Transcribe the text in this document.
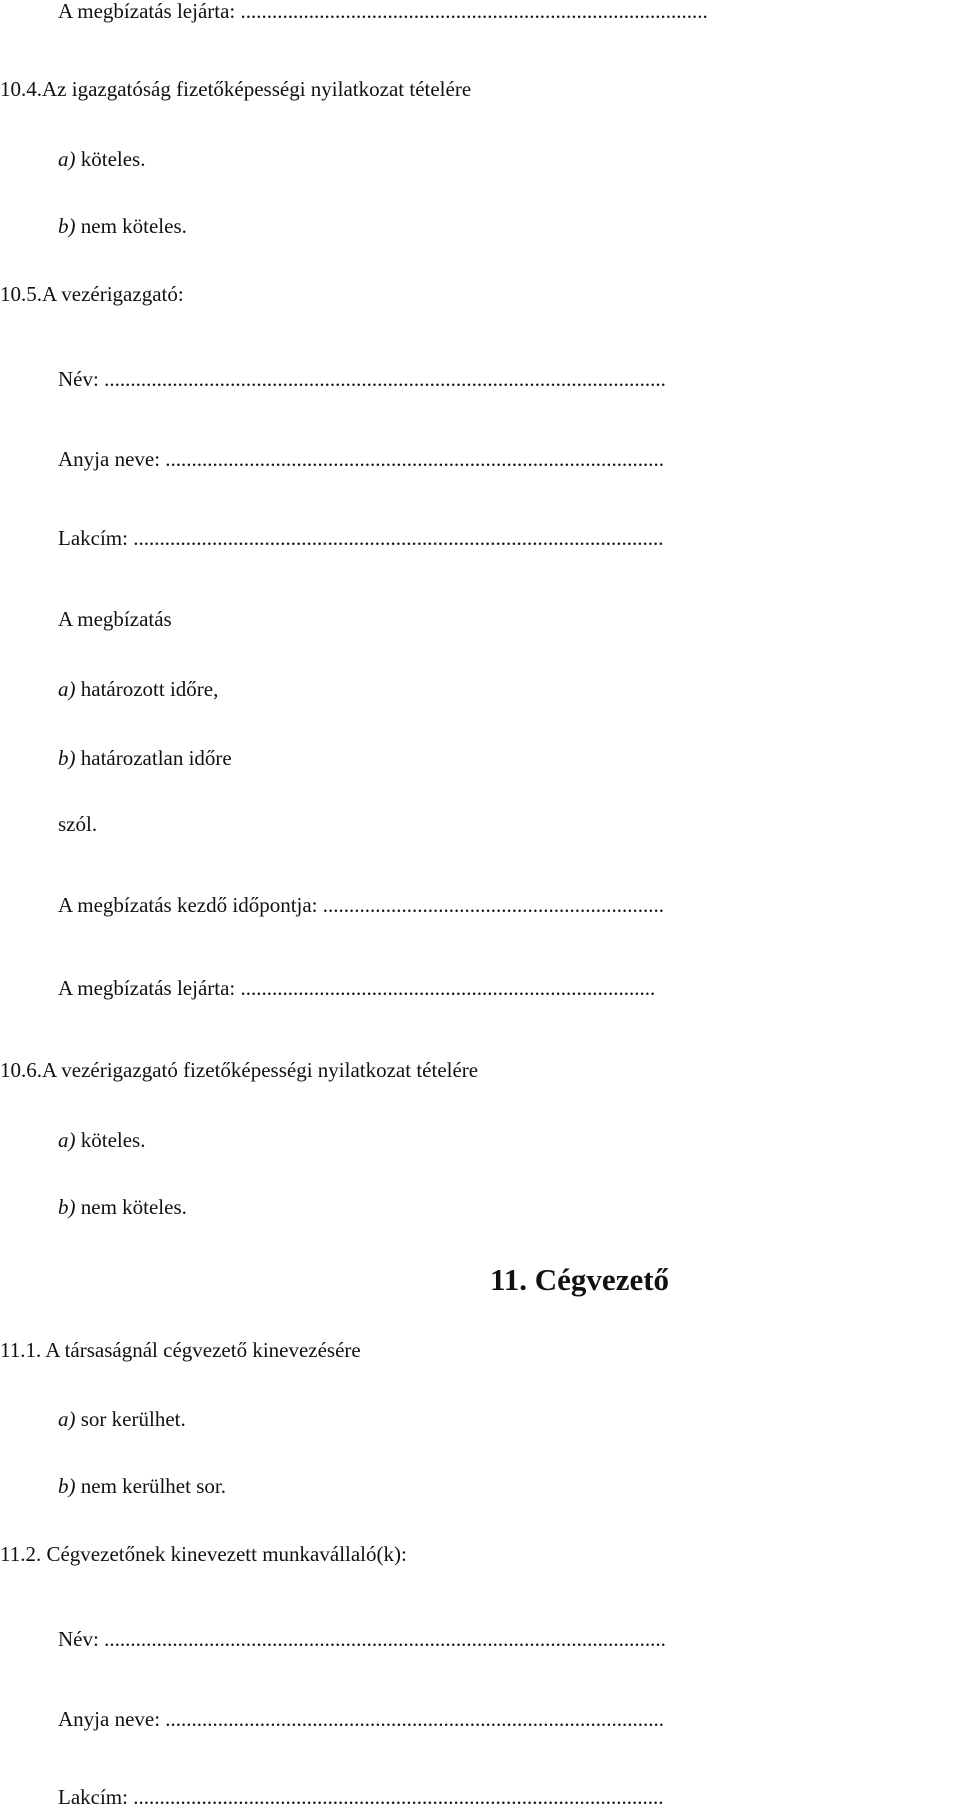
A megbízatás lejárta: .........................................................................................
10.4.Az igazgatóság fizetőképességi nyilatkozat tételére
a) köteles.
b) nem köteles.
10.5.A vezérigazgató:
Név: ...........................................................................................................
Anyja neve: ...............................................................................................
Lakcím: .....................................................................................................
A megbízatás
a) határozott időre,
b) határozatlan időre
szól.
A megbízatás kezdő időpontja: .................................................................
A megbízatás lejárta: ...............................................................................
10.6.A vezérigazgató fizetőképességi nyilatkozat tételére
a) köteles.
b) nem köteles.
11. Cégvezető
11.1. A társaságnál cégvezető kinevezésére
a) sor kerülhet.
b) nem kerülhet sor.
11.2. Cégvezetőnek kinevezett munkavállaló(k):
Név: ...........................................................................................................
Anyja neve: ...............................................................................................
Lakcím: .....................................................................................................
